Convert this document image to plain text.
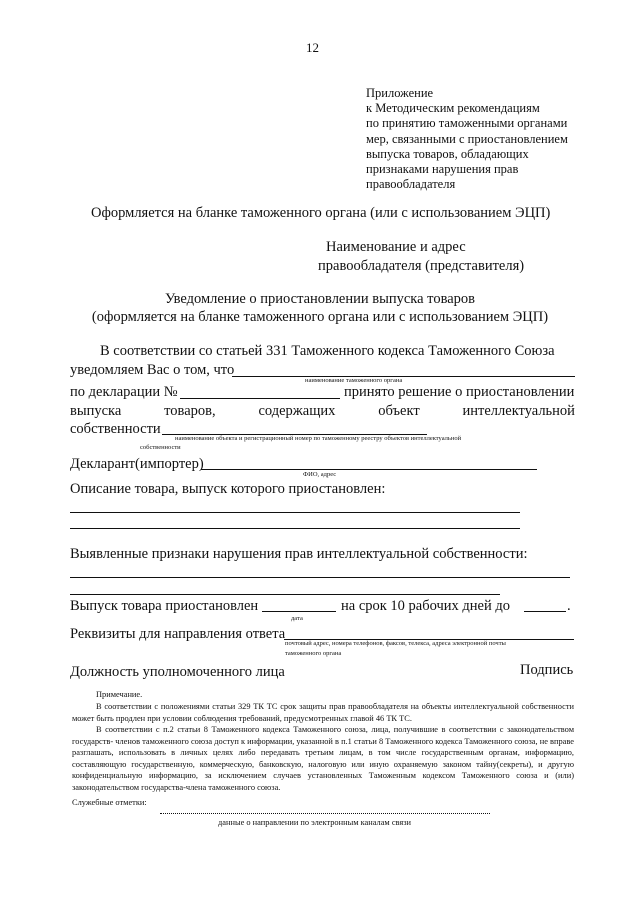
12
Приложение
к Методическим рекомендациям
по принятию таможенными органами
мер, связанными с приостановлением
выпуска товаров, обладающих
признаками нарушения прав
правообладателя
Оформляется на бланке таможенного органа (или с использованием ЭЦП)
Наименование и адрес
правообладателя (представителя)
Уведомление о приостановлении выпуска товаров
(оформляется на бланке таможенного органа или с использованием ЭЦП)
В соответствии со статьей 331 Таможенного кодекса Таможенного Союза
уведомляем Вас о том, что
наименование таможенного органа
по декларации №	принято решение о приостановлении
выпуска	товаров,	содержащих	объект	интеллектуальной
собственности
наименование объекта и регистрационный номер по таможенному реестру объектов интеллектуальной
собственности
Декларант(импортер)
ФИО, адрес
Описание товара, выпуск которого приостановлен:
Выявленные признаки нарушения прав интеллектуальной собственности:
Выпуск товара приостановлен	на срок 10 рабочих дней до	.
дата
Реквизиты для направления ответа
почтовый адрес, номера телефонов, факсов, телекса, адреса электронной почты
таможенного органа
Должность уполномоченного лица	Подпись
Примечание.
В соответствии с положениями статьи 329 ТК ТС срок защиты прав правообладателя на объекты интеллектуальной собственности может быть продлен при условии соблюдения требований, предусмотренных главой 46 ТК ТС.
В соответствии с п.2 статьи 8 Таможенного кодекса Таможенного союза, лица, получившие в соответствии с законодательством государств- членов таможенного союза доступ к информации, указанной в п.1 статьи 8 Таможенного кодекса Таможенного союза, не вправе разглашать, использовать в личных целях либо передавать третьим лицам, в том числе государственным органам, информацию, составляющую государственную, коммерческую, банковскую, налоговую или иную охраняемую законом тайну(секреты), и другую конфиденциальную информацию, за исключением случаев установленных Таможенным кодексом Таможенного союза и (или) законодательством государства-члена таможенного союза.
Служебные отметки:
данные о направлении по электронным каналам связи
